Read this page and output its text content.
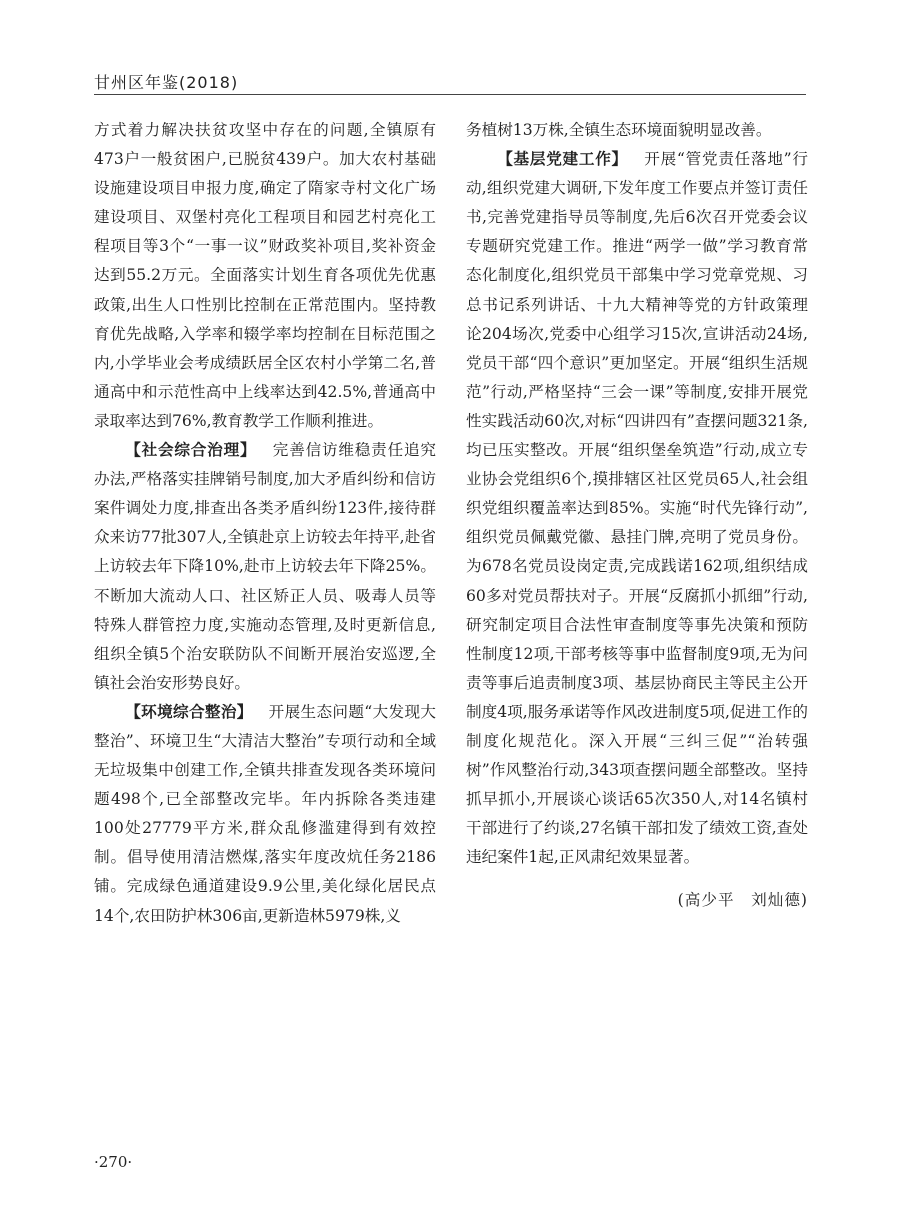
甘州区年鉴(2018)

方式着力解决扶贫攻坚中存在的问题,全镇原有473户一般贫困户,已脱贫439户。加大农村基础设施建设项目申报力度,确定了隋家寺村文化广场建设项目、双堡村亮化工程项目和园艺村亮化工程项目等3个“一事一议”财政奖补项目,奖补资金达到55.2万元。全面落实计划生育各项优先优惠政策,出生人口性别比控制在正常范围内。坚持教育优先战略,入学率和辍学率均控制在目标范围之内,小学毕业会考成绩跃居全区农村小学第二名,普通高中和示范性高中上线率达到42.5%,普通高中录取率达到76%,教育教学工作顺利推进。

【社会综合治理】  完善信访维稳责任追究办法,严格落实挂牌销号制度,加大矛盾纠纷和信访案件调处力度,排查出各类矛盾纠纷123件,接待群众来访77批307人,全镇赴京上访较去年持平,赴省上访较去年下降10%,赴市上访较去年下降25%。不断加大流动人口、社区矫正人员、吸毒人员等特殊人群管控力度,实施动态管理,及时更新信息,组织全镇5个治安联防队不间断开展治安巡逻,全镇社会治安形势良好。

【环境综合整治】  开展生态问题“大发现大整治”、环境卫生“大清洁大整治”专项行动和全域无垃圾集中创建工作,全镇共排查发现各类环境问题498个,已全部整改完毕。年内拆除各类违建100处27779平方米,群众乱修滥建得到有效控制。倡导使用清洁燃煤,落实年度改炕任务2186铺。完成绿色通道建设9.9公里,美化绿化居民点14个,农田防护林306亩,更新造林5979株,义

务植树13万株,全镇生态环境面貌明显改善。

【基层党建工作】  开展“管党责任落地”行动,组织党建大调研,下发年度工作要点并签订责任书,完善党建指导员等制度,先后6次召开党委会议专题研究党建工作。推进“两学一做”学习教育常态化制度化,组织党员干部集中学习党章党规、习总书记系列讲话、十九大精神等党的方针政策理论204场次,党委中心组学习15次,宣讲活动24场,党员干部“四个意识”更加坚定。开展“组织生活规范”行动,严格坚持“三会一课”等制度,安排开展党性实践活动60次,对标“四讲四有”查摆问题321条,均已压实整改。开展“组织堡垒筑造”行动,成立专业协会党组织6个,摸排辖区社区党员65人,社会组织党组织覆盖率达到85%。实施“时代先锋行动”,组织党员佩戴党徽、悬挂门牌,亮明了党员身份。为678名党员设岗定责,完成践诺162项,组织结成60多对党员帮扶对子。开展“反腐抓小抓细”行动,研究制定项目合法性审查制度等事先决策和预防性制度12项,干部考核等事中监督制度9项,无为问责等事后追责制度3项、基层协商民主等民主公开制度4项,服务承诺等作风改进制度5项,促进工作的制度化规范化。深入开展“三纠三促”“治转强树”作风整治行动,343项查摆问题全部整改。坚持抓早抓小,开展谈心谈话65次350人,对14名镇村干部进行了约谈,27名镇干部扣发了绩效工资,查处违纪案件1起,正风肃纪效果显著。

(高少平　刘灿德)

·270·
